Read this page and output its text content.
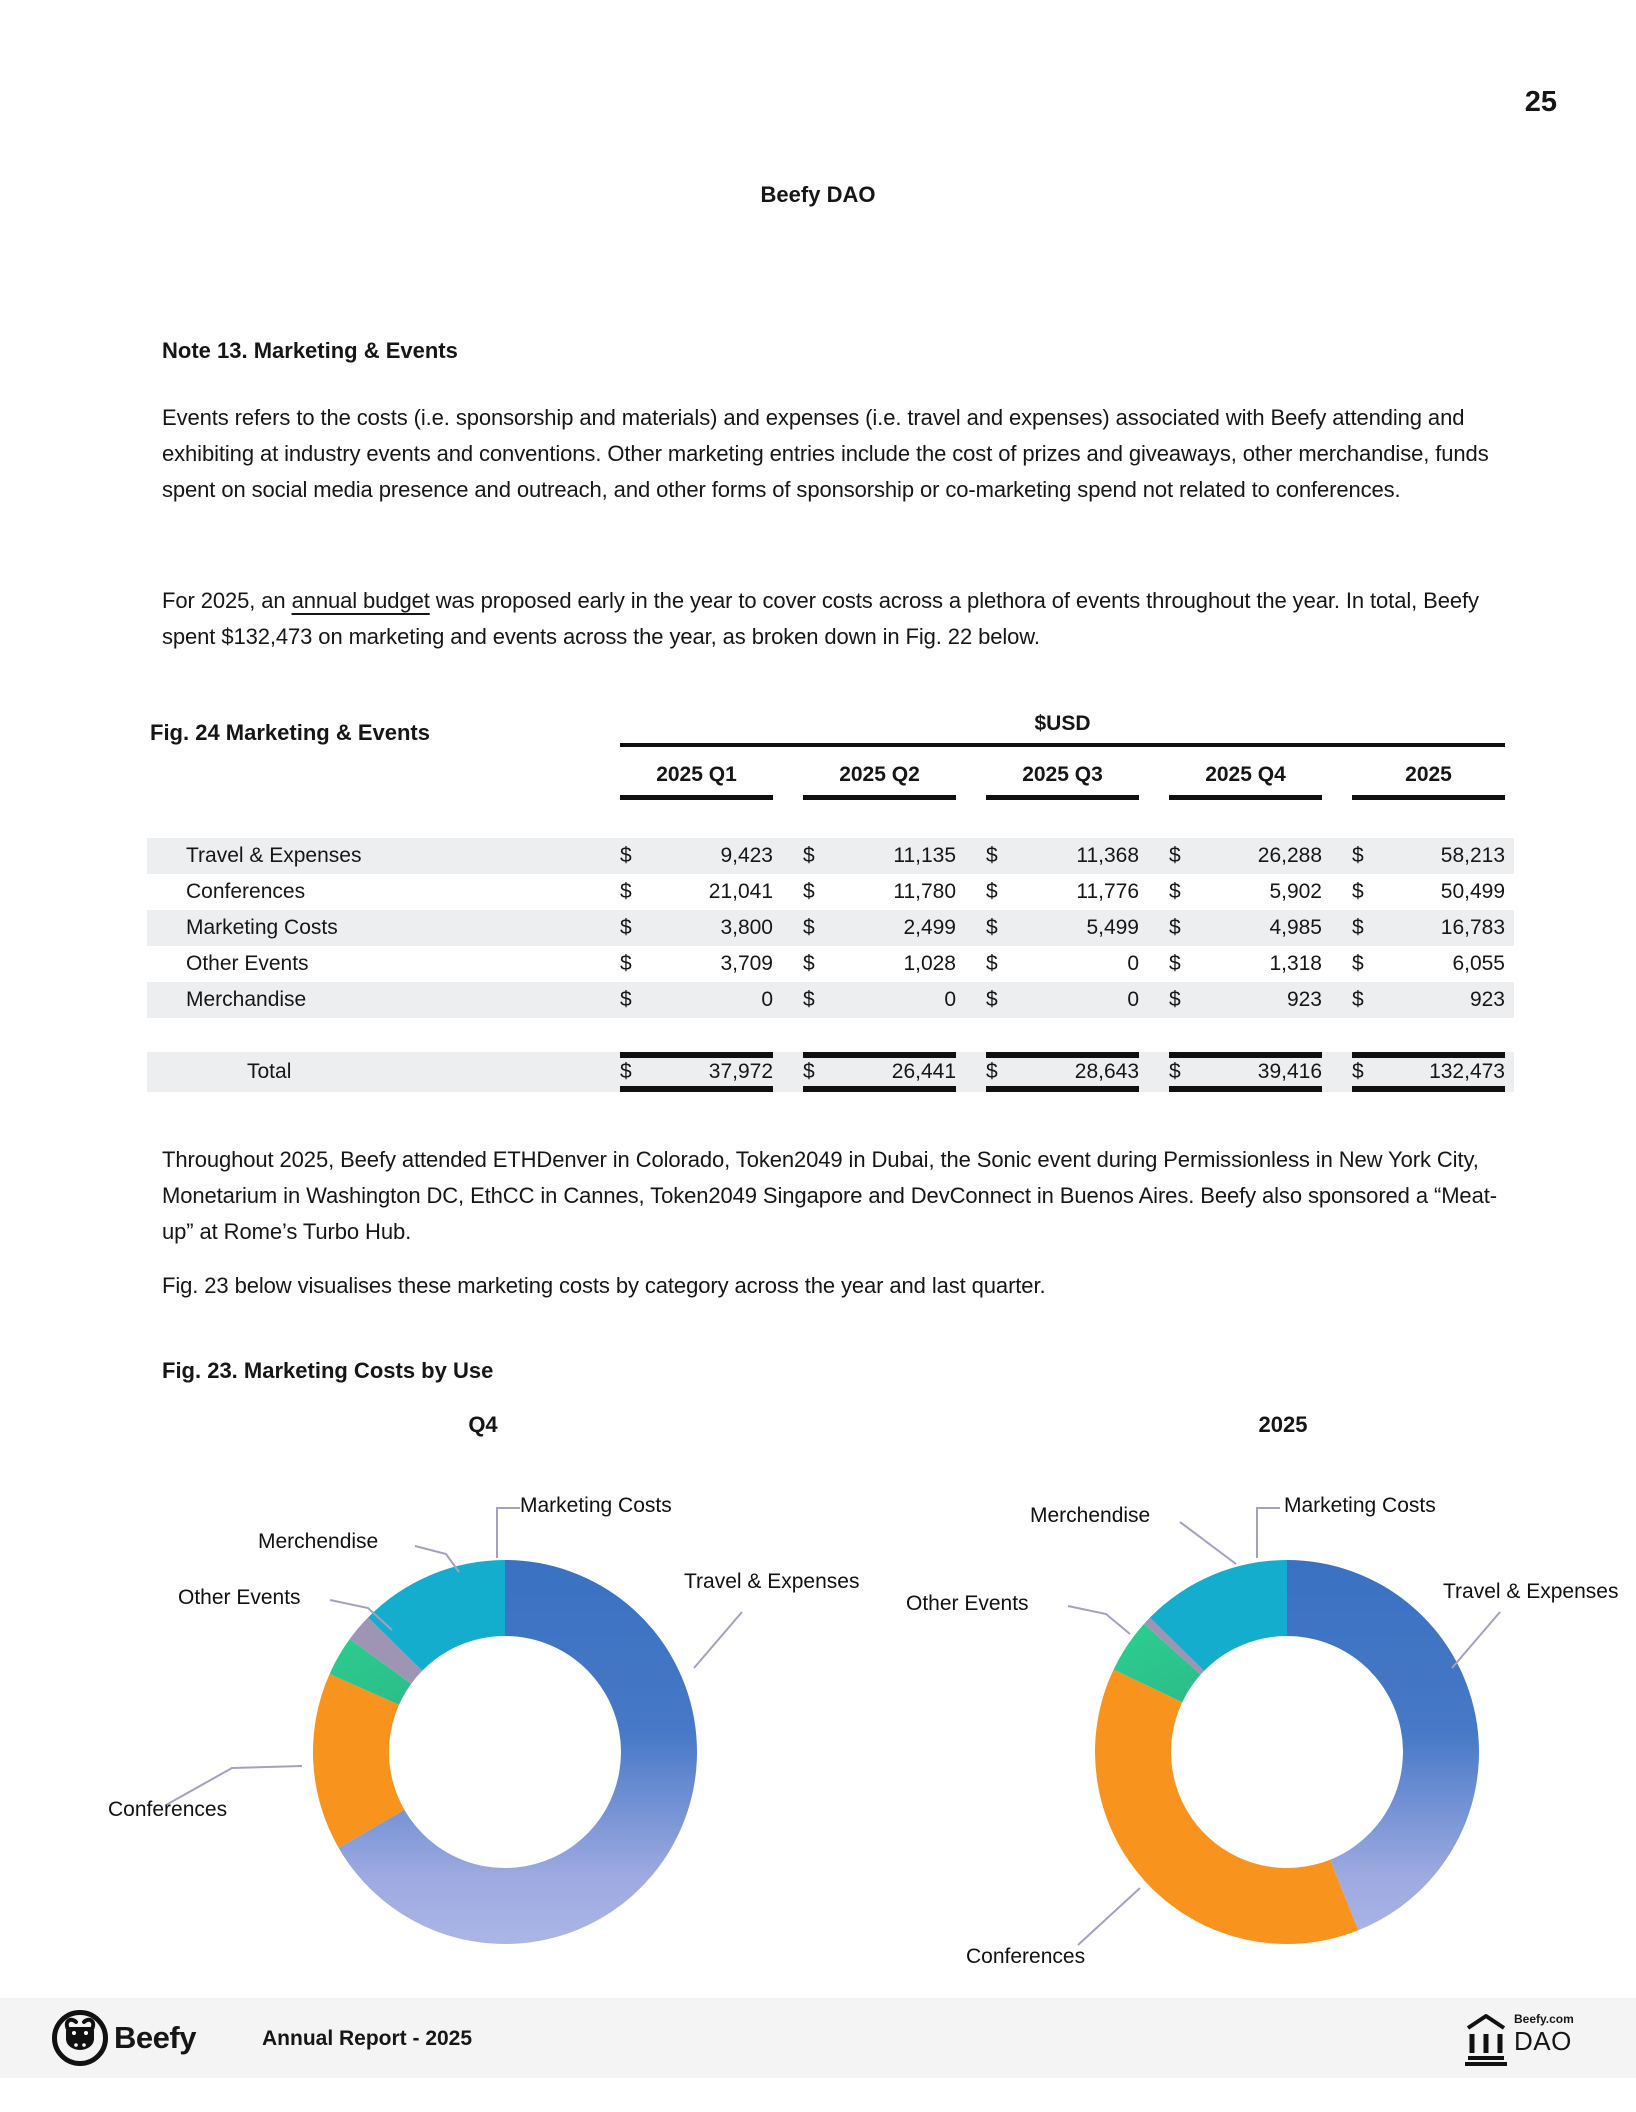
25
Beefy DAO
Note 13. Marketing & Events
Events refers to the costs (i.e. sponsorship and materials) and expenses (i.e. travel and expenses) associated with Beefy attending and exhibiting at industry events and conventions. Other marketing entries include the cost of prizes and giveaways, other merchandise, funds spent on social media presence and outreach, and other forms of sponsorship or co-marketing spend not related to conferences.
For 2025, an annual budget was proposed early in the year to cover costs across a plethora of events throughout the year. In total, Beefy spent $132,473 on marketing and events across the year, as broken down in Fig. 22 below.
Fig. 24 Marketing & Events	$USD
2025 Q1	2025 Q2	2025 Q3	2025 Q4	2025
Travel & Expenses	$	9,423 $	11,135 $	11,368 $	26,288 $	58,213
Conferences	$	21,041 $	11,780 $	11,776 $	5,902 $	50,499
Marketing Costs	$	3,800 $	2,499 $	5,499 $	4,985 $	16,783
Other Events	$	3,709 $	1,028 $	0 $	1,318 $	6,055
Merchandise	$	0 $	0 $	0 $	923 $	923
Total	$	37,972 $	26,441 $	28,643 $	39,416 $	132,473
Throughout 2025, Beefy attended ETHDenver in Colorado, Token2049 in Dubai, the Sonic event during Permissionless in New York City, Monetarium in Washington DC, EthCC in Cannes, Token2049 Singapore and DevConnect in Buenos Aires. Beefy also sponsored a “Meat-up” at Rome’s Turbo Hub.
Fig. 23 below visualises these marketing costs by category across the year and last quarter.
Fig. 23. Marketing Costs by Use
Q4	2025
Marketing Costs
Merchendise
Other Events
Travel & Expenses
Conferences
Marketing Costs
Merchendise
Other Events
Travel & Expenses
Conferences
Beefy	Annual Report - 2025
Beefy.com
DAO
